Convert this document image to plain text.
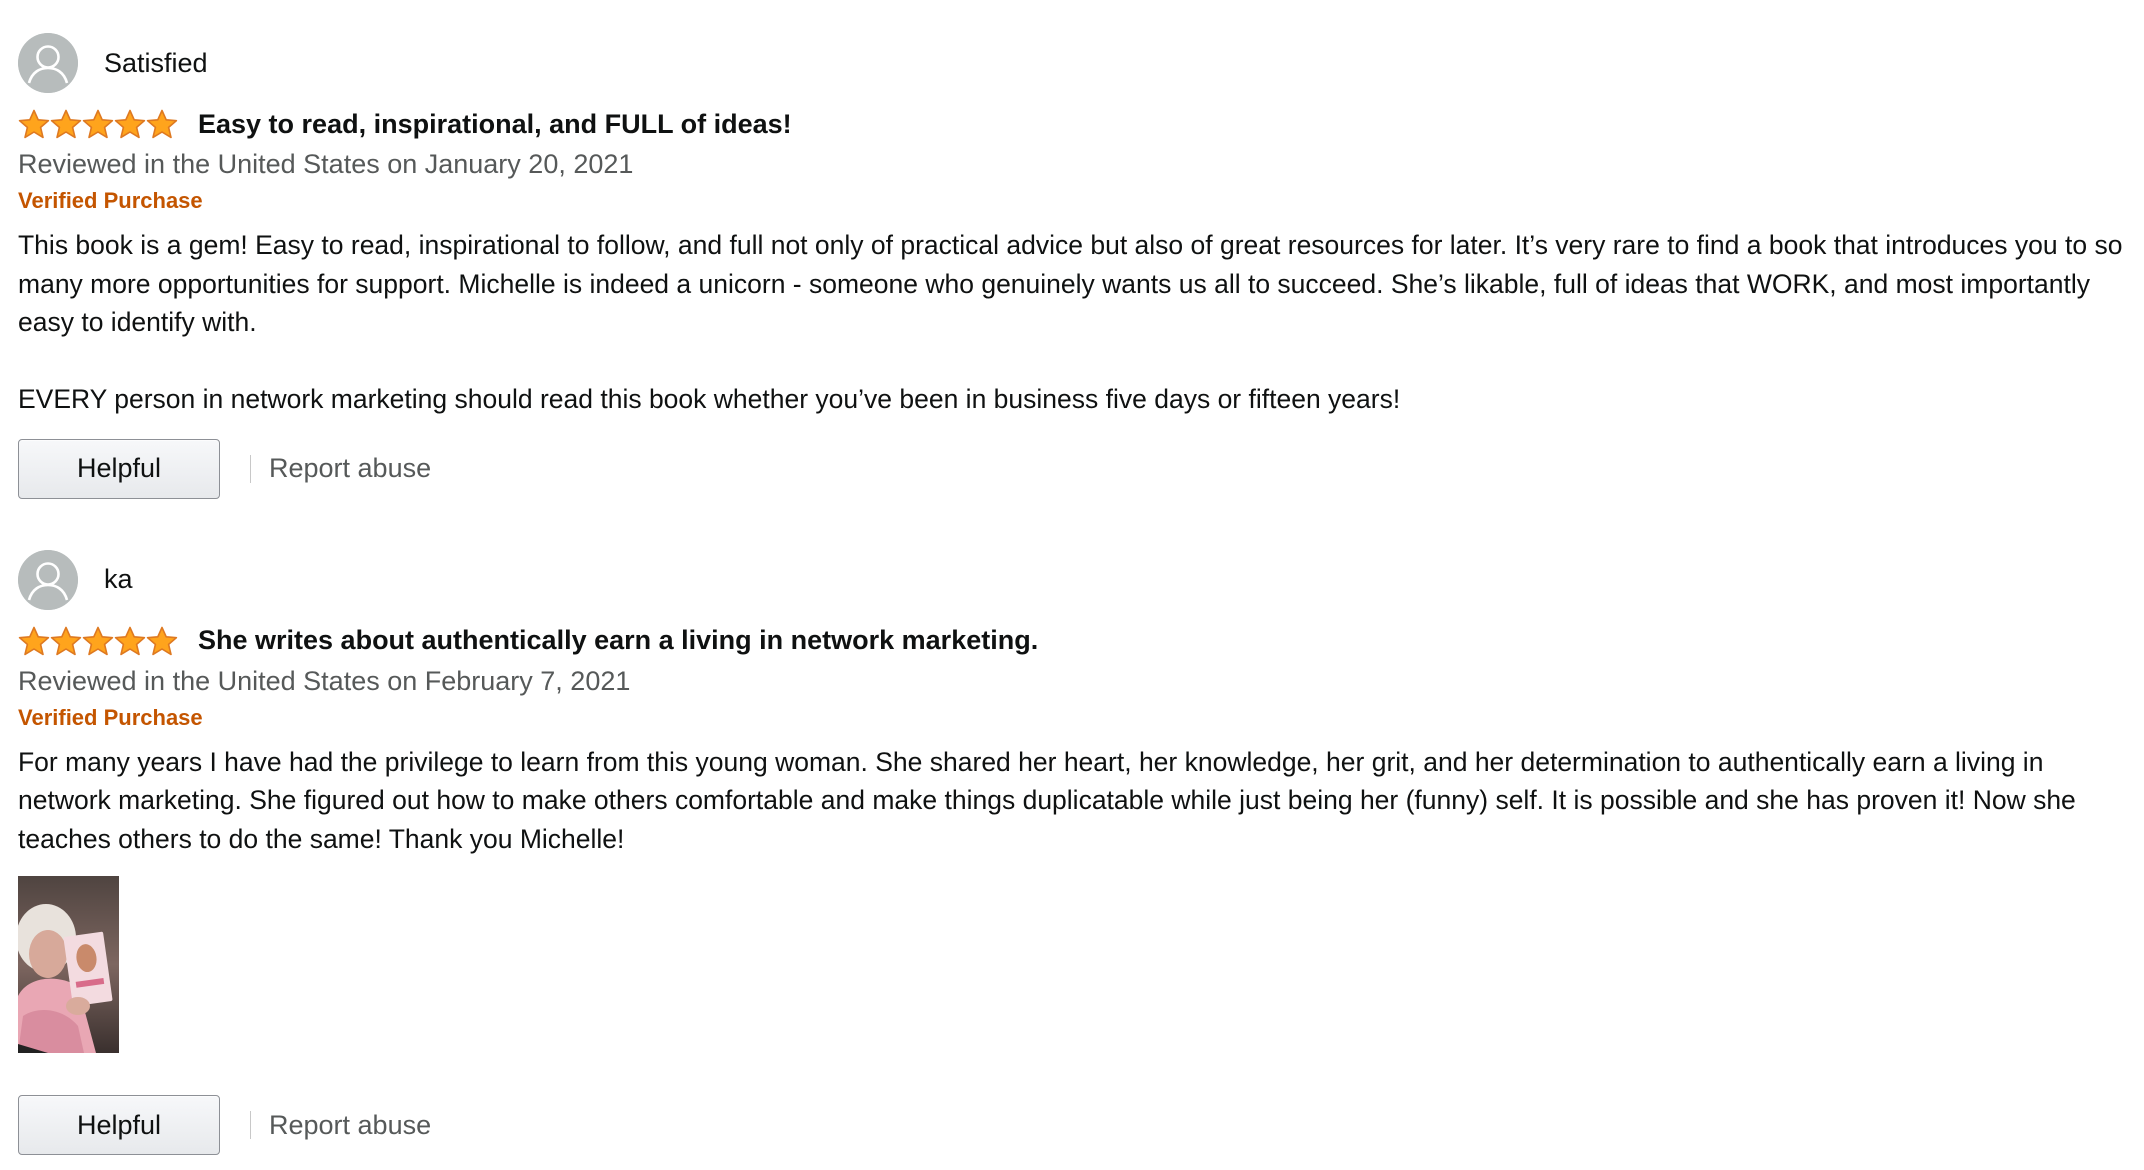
Satisfied
Easy to read, inspirational, and FULL of ideas!
Reviewed in the United States on January 20, 2021
Verified Purchase

This book is a gem! Easy to read, inspirational to follow, and full not only of practical advice but also of great resources for later. It’s very rare to find a book that introduces you to so many more opportunities for support. Michelle is indeed a unicorn - someone who genuinely wants us all to succeed. She’s likable, full of ideas that WORK, and most importantly easy to identify with.

EVERY person in network marketing should read this book whether you’ve been in business five days or fifteen years!

Helpful	Report abuse
ka
She writes about authentically earn a living in network marketing.
Reviewed in the United States on February 7, 2021
Verified Purchase

For many years I have had the privilege to learn from this young woman. She shared her heart, her knowledge, her grit, and her determination to authentically earn a living in network marketing. She figured out how to make others comfortable and make things duplicatable while just being her (funny) self. It is possible and she has proven it! Now she teaches others to do the same! Thank you Michelle!

Helpful	Report abuse
